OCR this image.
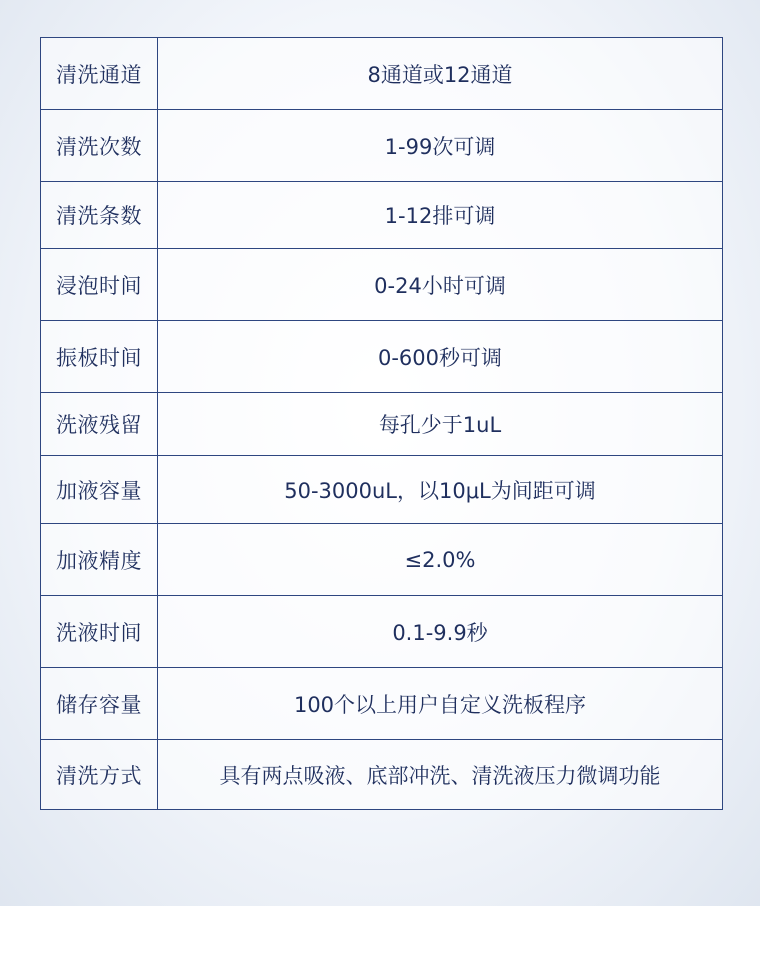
清洗通道	8通道或12通道
清洗次数	1-99次可调
清洗条数	1-12排可调
浸泡时间	0-24小时可调
振板时间	0-600秒可调
洗液残留	每孔少于1uL
加液容量	50-3000uL，以10μL为间距可调
加液精度	≤2.0%
洗液时间	0.1-9.9秒
储存容量	100个以上用户自定义洗板程序
清洗方式	具有两点吸液、底部冲洗、清洗液压力微调功能
